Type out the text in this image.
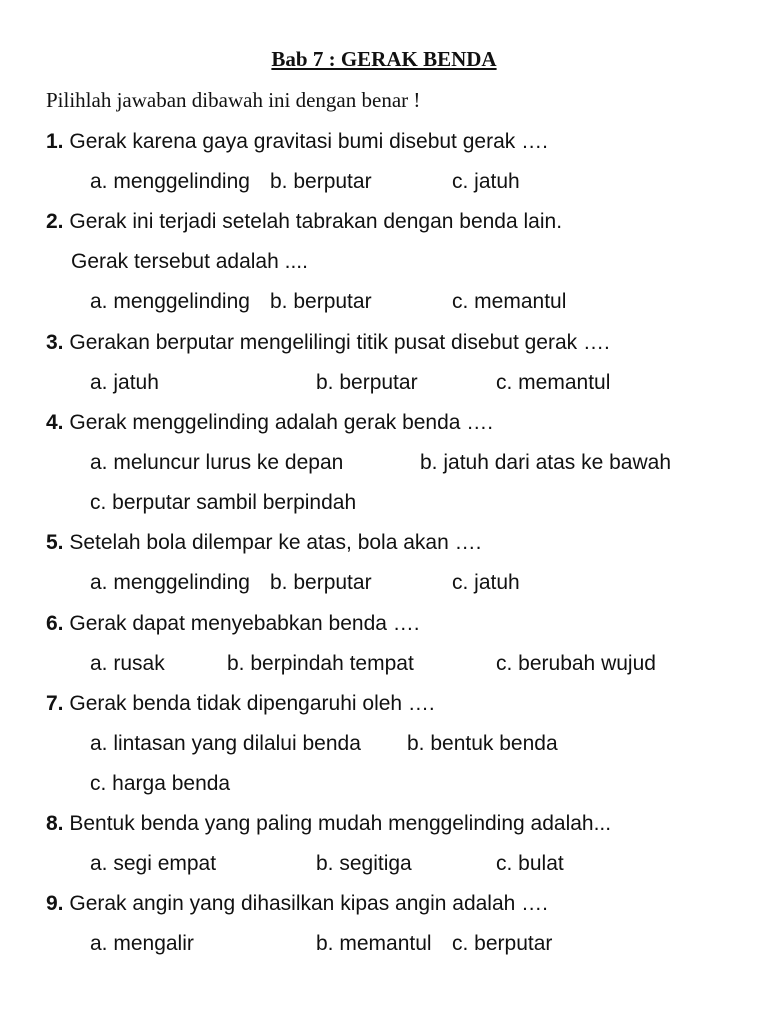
Bab 7 : GERAK BENDA
Pilihlah jawaban dibawah ini dengan benar !
1. Gerak karena gaya gravitasi bumi disebut gerak ….
a. menggelinding b. berputar	c. jatuh
2. Gerak ini terjadi setelah tabrakan dengan benda lain.
Gerak tersebut adalah ....
a. menggelinding b. berputar	c. memantul
3. Gerakan berputar mengelilingi titik pusat disebut gerak ….
a. jatuh	b. berputar	c. memantul
4. Gerak menggelinding adalah gerak benda ….
a. meluncur lurus ke depan	b. jatuh dari atas ke bawah
c. berputar sambil berpindah
5. Setelah bola dilempar ke atas, bola akan ….
a. menggelinding b. berputar	c. jatuh
6. Gerak dapat menyebabkan benda ….
a. rusak	b. berpindah tempat	c. berubah wujud
7. Gerak benda tidak dipengaruhi oleh ….
a. lintasan yang dilalui benda b. bentuk benda
c. harga benda
8. Bentuk benda yang paling mudah menggelinding adalah...
a. segi empat	b. segitiga	c. bulat
9. Gerak angin yang dihasilkan kipas angin adalah ….
a. mengalir	b. memantul c. berputar
